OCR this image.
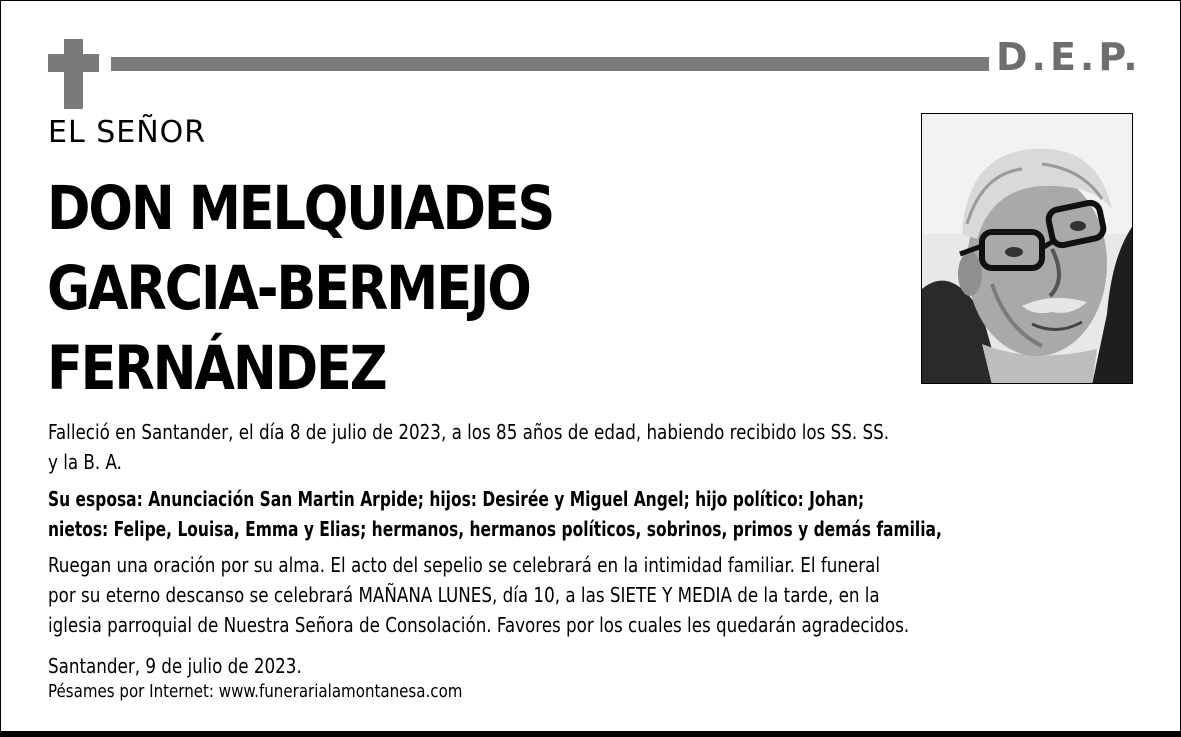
D.E.P.
EL SEÑOR
DON MELQUIADES
GARCIA-BERMEJO
FERNÁNDEZ
Falleció en Santander, el día 8 de julio de 2023, a los 85 años de edad, habiendo recibido los SS. SS.
y la B. A.
Su esposa: Anunciación San Martin Arpide; hijos: Desirée y Miguel Angel; hijo político: Johan;
nietos: Felipe, Louisa, Emma y Elias; hermanos, hermanos políticos, sobrinos, primos y demás familia,
Ruegan una oración por su alma. El acto del sepelio se celebrará en la intimidad familiar. El funeral
por su eterno descanso se celebrará MAÑANA LUNES, día 10, a las SIETE Y MEDIA de la tarde, en la
iglesia parroquial de Nuestra Señora de Consolación. Favores por los cuales les quedarán agradecidos.
Santander, 9 de julio de 2023.
Pésames por Internet: www.funerarialamontanesa.com
